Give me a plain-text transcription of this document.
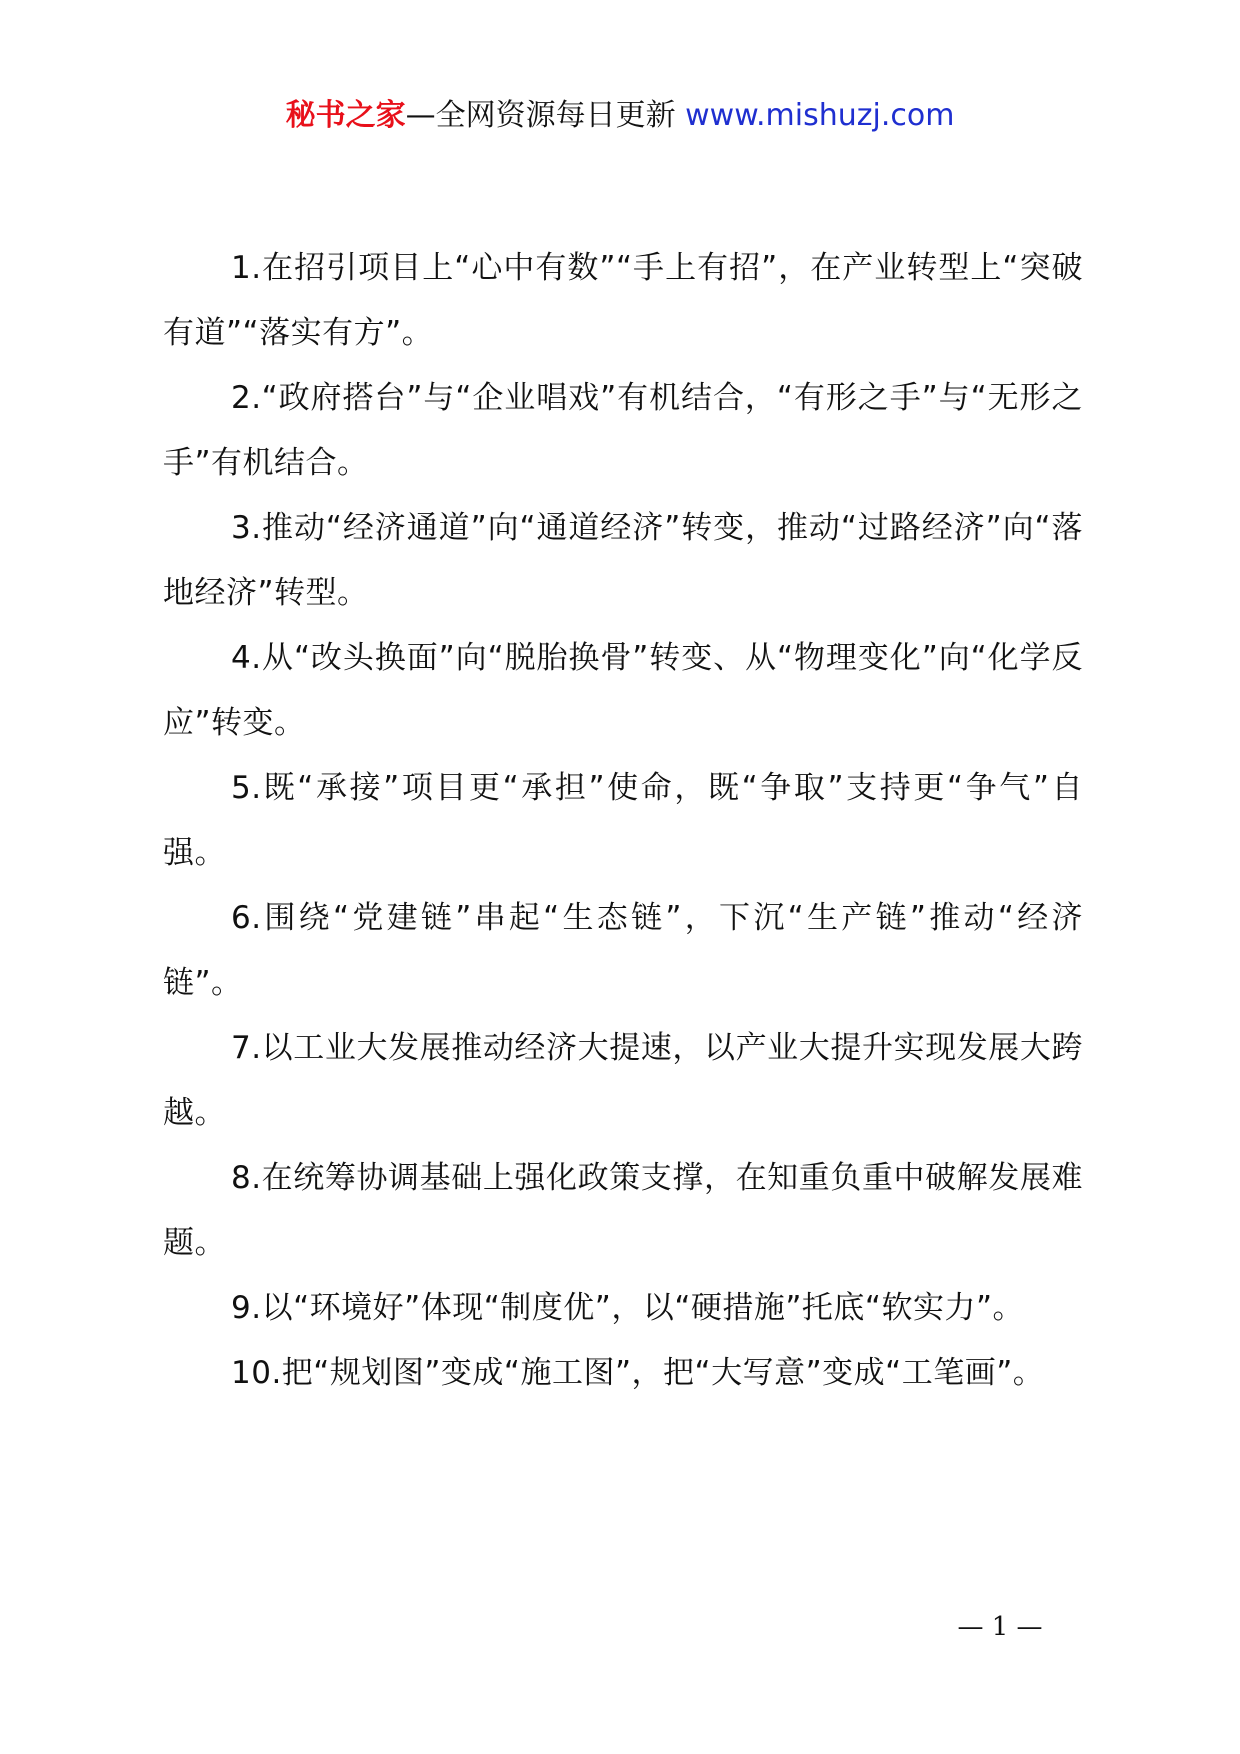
秘书之家—全网资源每日更新 www.mishuzj.com

1.在招引项目上“心中有数”“手上有招”，在产业转型上“突破有道”“落实有方”。

2.“政府搭台”与“企业唱戏”有机结合，“有形之手”与“无形之手”有机结合。

3.推动“经济通道”向“通道经济”转变，推动“过路经济”向“落地经济”转型。

4.从“改头换面”向“脱胎换骨”转变、从“物理变化”向“化学反应”转变。

5.既“承接”项目更“承担”使命，既“争取”支持更“争气”自强。

6.围绕“党建链”串起“生态链”，下沉“生产链”推动“经济链”。

7.以工业大发展推动经济大提速，以产业大提升实现发展大跨越。

8.在统筹协调基础上强化政策支撑，在知重负重中破解发展难题。

9.以“环境好”体现“制度优”，以“硬措施”托底“软实力”。

10.把“规划图”变成“施工图”，把“大写意”变成“工笔画”。

— 1 —
